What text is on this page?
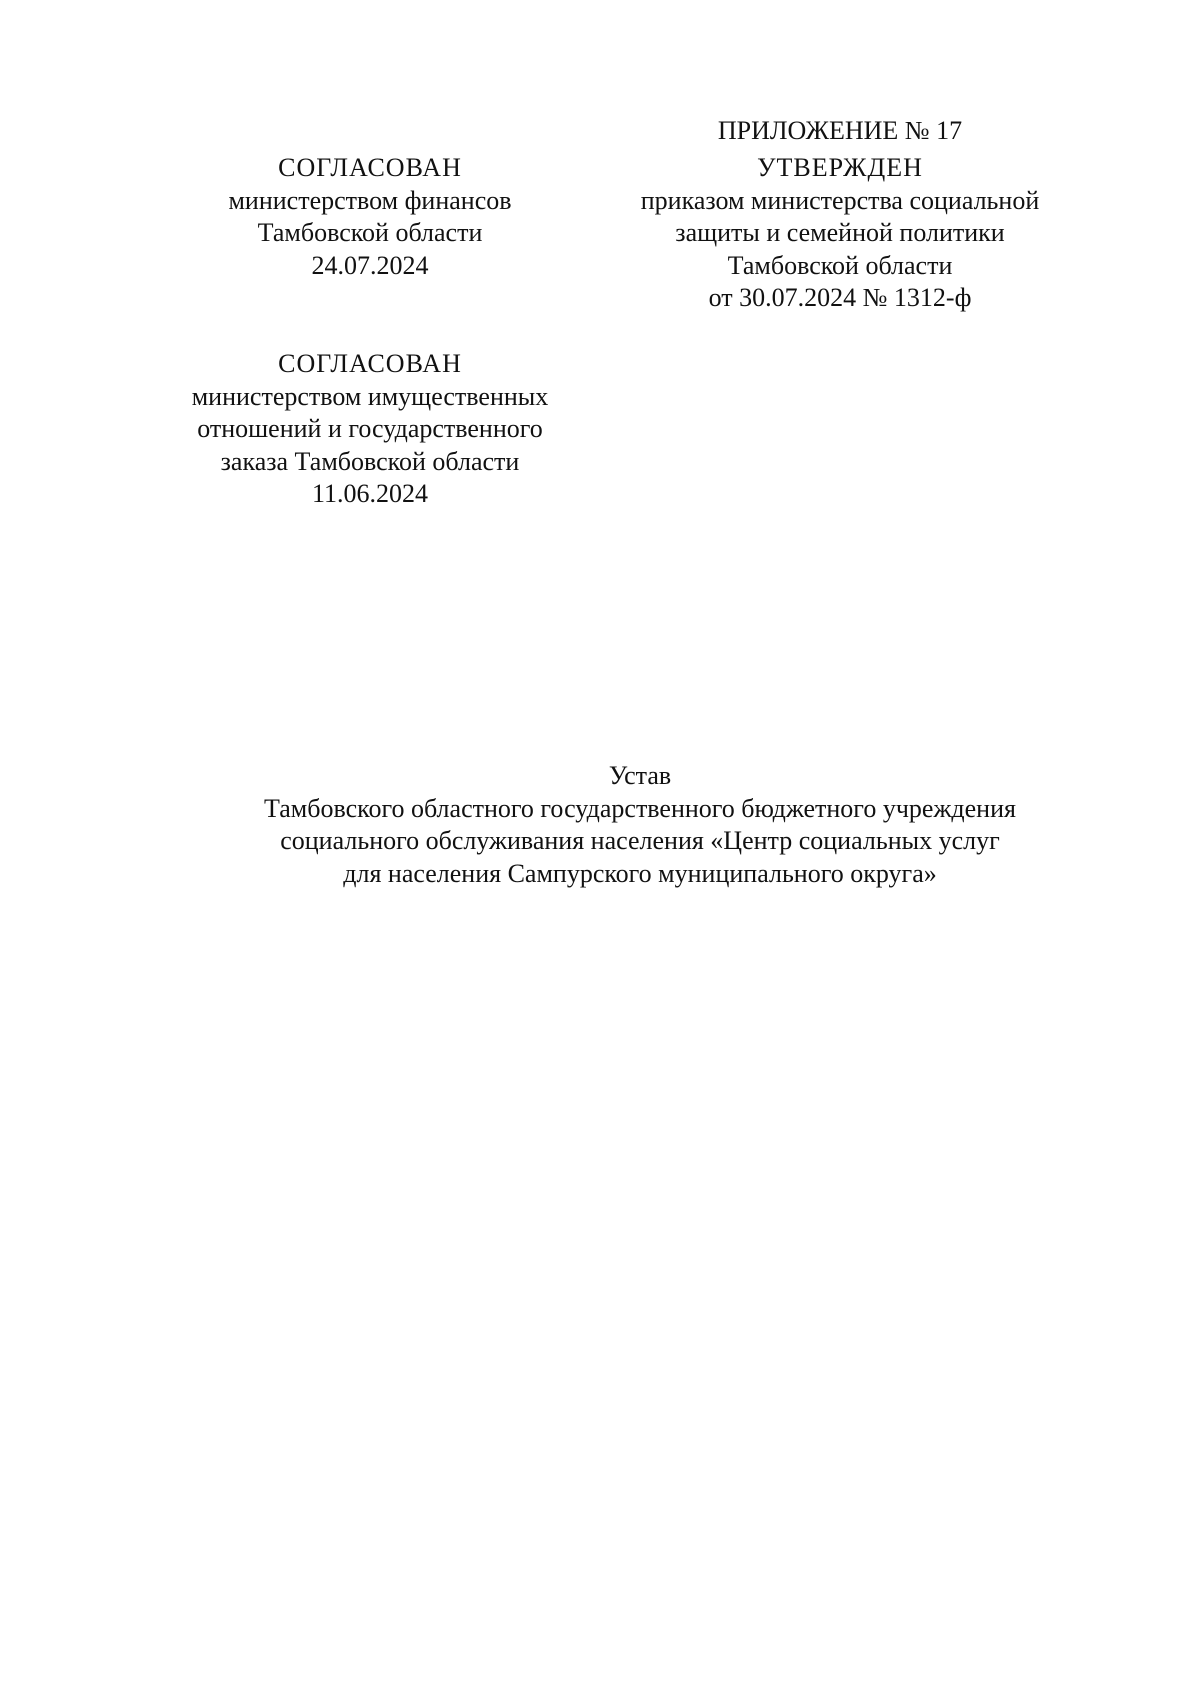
ПРИЛОЖЕНИЕ № 17
УТВЕРЖДЕН
приказом министерства социальной
защиты и семейной политики
Тамбовской области
от 30.07.2024 № 1312-ф
СОГЛАСОВАН
министерством финансов
Тамбовской области
24.07.2024
СОГЛАСОВАН
министерством имущественных
отношений и государственного
заказа Тамбовской области
11.06.2024
Устав
Тамбовского областного государственного бюджетного учреждения
социального обслуживания населения «Центр социальных услуг
для населения Сампурского муниципального округа»
